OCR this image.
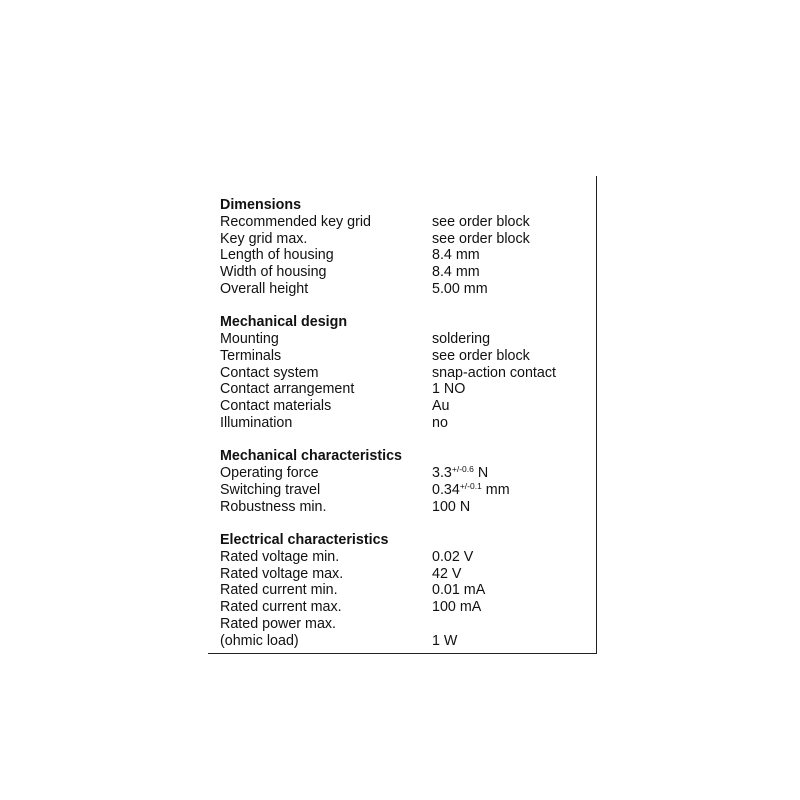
Dimensions
Recommended key grid	see order block
Key grid max.	see order block
Length of housing	8.4 mm
Width of housing	8.4 mm
Overall height	5.00 mm
Mechanical design
Mounting	soldering
Terminals	see order block
Contact system	snap-action contact
Contact arrangement	1 NO
Contact materials	Au
Illumination	no
Mechanical characteristics
Operating force	$3.3^{+/-0.6}$ N
Switching travel	$0.34^{+/-0.1}$ mm
Robustness min.	100 N
Electrical characteristics
Rated voltage min.	0.02 V
Rated voltage max.	42 V
Rated current min.	0.01 mA
Rated current max.	100 mA
Rated power max.
(ohmic load)	1 W
